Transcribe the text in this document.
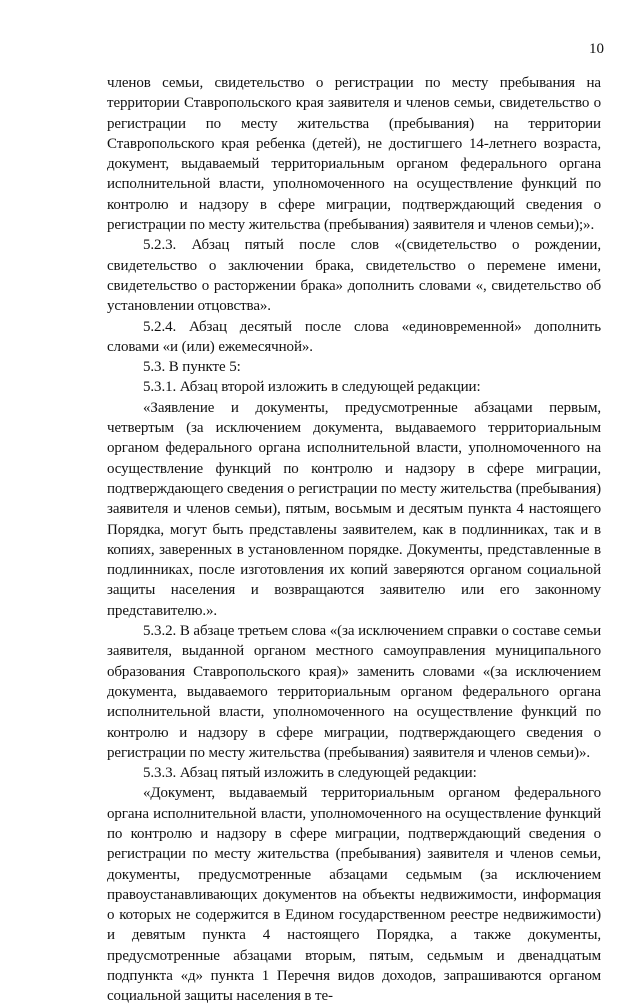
10

членов семьи, свидетельство о регистрации по месту пребывания на территории Ставропольского края заявителя и членов семьи, свидетельство о регистрации по месту жительства (пребывания) на территории Ставропольского края ребенка (детей), не достигшего 14-летнего возраста, документ, выдаваемый территориальным органом федерального органа исполнительной власти, уполномоченного на осуществление функций по контролю и надзору в сфере миграции, подтверждающий сведения о регистрации по месту жительства (пребывания) заявителя и членов семьи);».

5.2.3. Абзац пятый после слов «(свидетельство о рождении, свидетельство о заключении брака, свидетельство о перемене имени, свидетельство о расторжении брака» дополнить словами «, свидетельство об установлении отцовства».

5.2.4. Абзац десятый после слова «единовременной» дополнить словами «и (или) ежемесячной».

5.3. В пункте 5:

5.3.1. Абзац второй изложить в следующей редакции:

«Заявление и документы, предусмотренные абзацами первым, четвертым (за исключением документа, выдаваемого территориальным органом федерального органа исполнительной власти, уполномоченного на осуществление функций по контролю и надзору в сфере миграции, подтверждающего сведения о регистрации по месту жительства (пребывания) заявителя и членов семьи), пятым, восьмым и десятым пункта 4 настоящего Порядка, могут быть представлены заявителем, как в подлинниках, так и в копиях, заверенных в установленном порядке. Документы, представленные в подлинниках, после изготовления их копий заверяются органом социальной защиты населения и возвращаются заявителю или его законному представителю.».

5.3.2. В абзаце третьем слова «(за исключением справки о составе семьи заявителя, выданной органом местного самоуправления муниципального образования Ставропольского края)» заменить словами «(за исключением документа, выдаваемого территориальным органом федерального органа исполнительной власти, уполномоченного на осуществление функций по контролю и надзору в сфере миграции, подтверждающего сведения о регистрации по месту жительства (пребывания) заявителя и членов семьи)».

5.3.3. Абзац пятый изложить в следующей редакции:

«Документ, выдаваемый территориальным органом федерального органа исполнительной власти, уполномоченного на осуществление функций по контролю и надзору в сфере миграции, подтверждающий сведения о регистрации по месту жительства (пребывания) заявителя и членов семьи, документы, предусмотренные абзацами седьмым (за исключением правоустанавливающих документов на объекты недвижимости, информация о которых не содержится в Едином государственном реестре недвижимости) и девятым пункта 4 настоящего Порядка, а также документы, предусмотренные абзацами вторым, пятым, седьмым и двенадцатым подпункта «д» пункта 1 Перечня видов доходов, запрашиваются органом социальной защиты населения в те-
